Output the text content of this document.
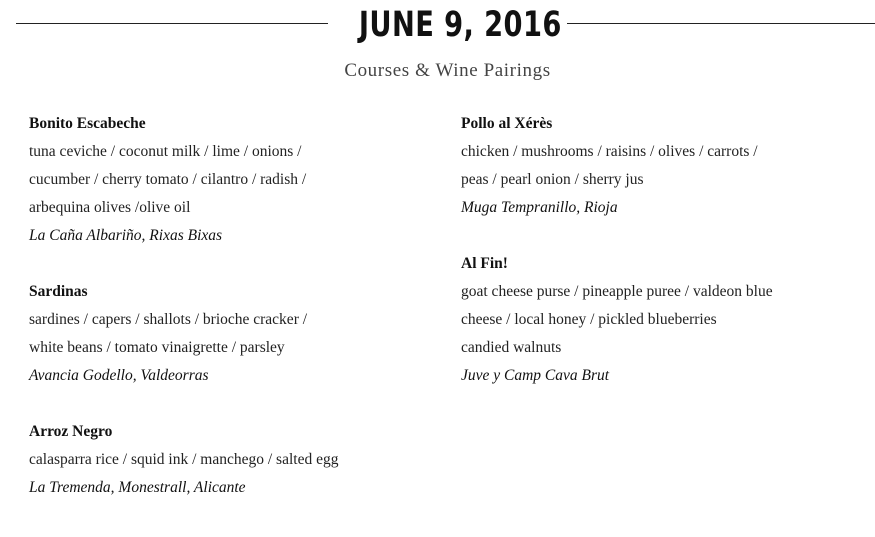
JUNE 9, 2016
Courses & Wine Pairings
Bonito Escabeche
tuna ceviche / coconut milk / lime / onions /
cucumber / cherry tomato / cilantro / radish /
arbequina olives /olive oil
La Caña Albariño, Rixas Bixas
Sardinas
sardines / capers / shallots / brioche cracker /
white beans / tomato vinaigrette / parsley
Avancia Godello, Valdeorras
Arroz Negro
calasparra rice / squid ink / manchego / salted egg
La Tremenda, Monestrall, Alicante
Pollo al Xérès
chicken / mushrooms / raisins / olives / carrots /
peas / pearl onion / sherry jus
Muga Tempranillo, Rioja
Al Fin!
goat cheese purse / pineapple puree / valdeon blue
cheese / local honey / pickled blueberries
candied walnuts
Juve y Camp Cava Brut
